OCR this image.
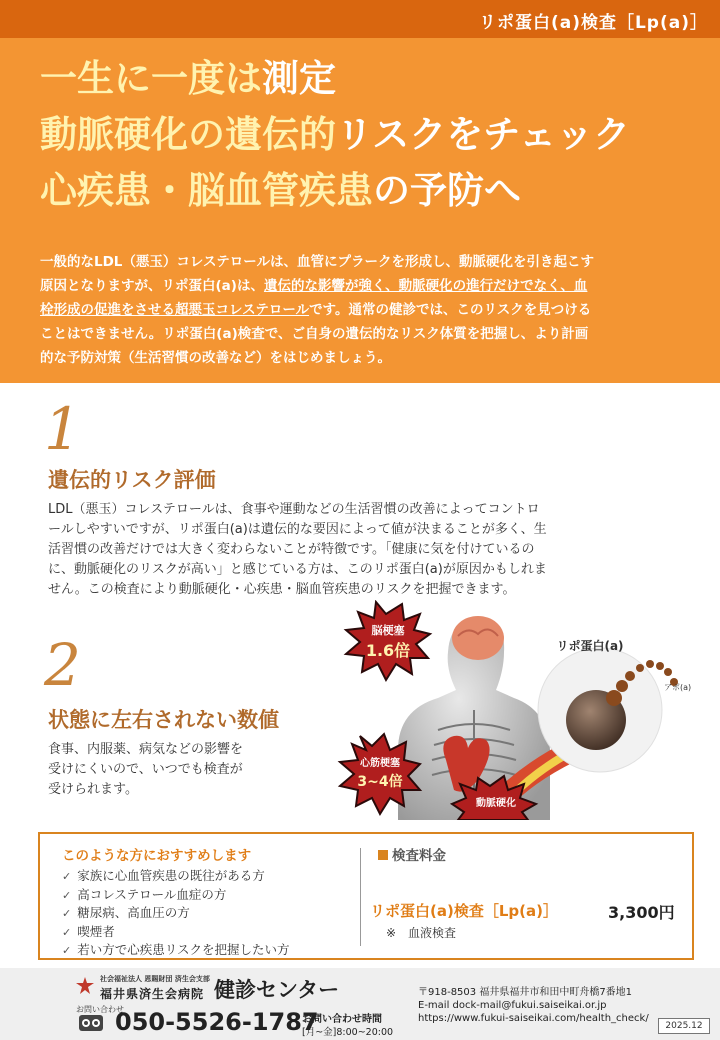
リポ蛋白(a)検査［Lp(a)］
一生に一度は測定
動脈硬化の遺伝的リスクをチェック
心疾患・脳血管疾患の予防へ
一般的なLDL（悪玉）コレステロールは、血管にプラークを形成し、動脈硬化を引き起こす
原因となりますが、リポ蛋白(a)は、遺伝的な影響が強く、動脈硬化の進行だけでなく、血
栓形成の促進をさせる超悪玉コレステロールです。通常の健診では、このリスクを見つける
ことはできません。リポ蛋白(a)検査で、ご自身の遺伝的なリスク体質を把握し、より計画
的な予防対策（生活習慣の改善など）をはじめましょう。
1
遺伝的リスク評価
LDL（悪玉）コレステロールは、食事や運動などの生活習慣の改善によってコントロ
ールしやすいですが、リポ蛋白(a)は遺伝的な要因によって値が決まることが多く、生
活習慣の改善だけでは大きく変わらないことが特徴です。「健康に気を付けているの
に、動脈硬化のリスクが高い」と感じている方は、このリポ蛋白(a)が原因かもしれま
せん。この検査により動脈硬化・心疾患・脳血管疾患のリスクを把握できます。
2
状態に左右されない数値
食事、内服薬、病気などの影響を
受けにくいので、いつでも検査が
受けられます。
脳梗塞
1.6倍
心筋梗塞
3~4倍
動脈硬化
リポ蛋白(a)
アポ(a)
このような方におすすめします
✓ 家族に心血管疾患の既往がある方
✓ 高コレステロール血症の方
✓ 糖尿病、高血圧の方
✓ 喫煙者
✓ 若い方で心疾患リスクを把握したい方
検査料金
リポ蛋白(a)検査［Lp(a)］	3,300円
※　血液検査
社会福祉法人 恩賜財団 済生会支部
福井県済生会病院 健診センター
お問い合わせ
050-5526-1787
お問い合わせ時間
[月~金]8:00~20:00
〒918-8503 福井県福井市和田中町舟橋7番地1
E-mail dock-mail@fukui.saiseikai.or.jp
https://www.fukui-saiseikai.com/health_check/
2025.12
